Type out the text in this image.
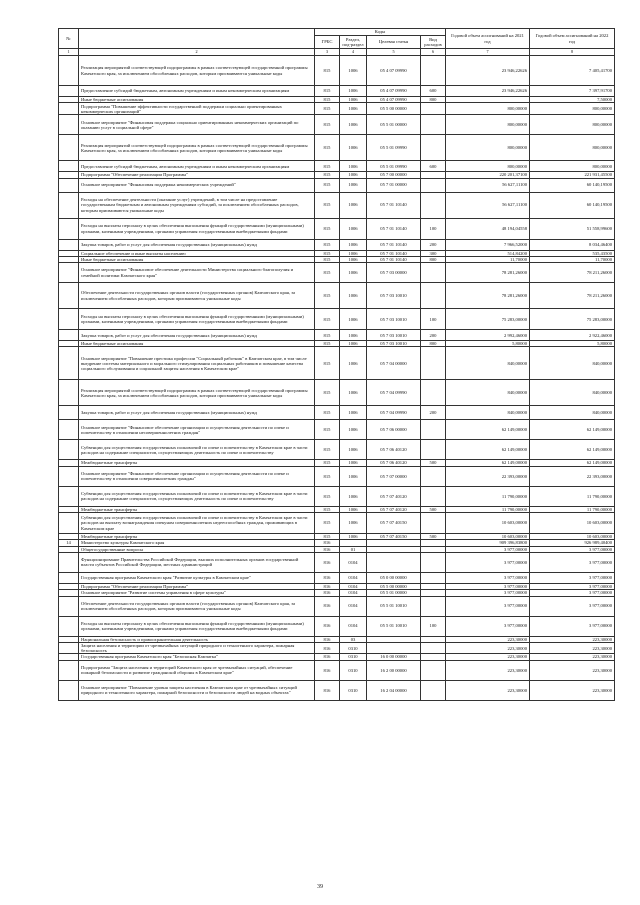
№		Коды				Годовой объем ассигнований на 2021 год	Годовой объем ассигнований на 2022 год
		ГРБС	Раздел, под-раздел	Целевая статья	Вид расходов		
1	2	3	4	5	6	7	8
	Реализация мероприятий соответствующей подпрограммы в рамках соответствующей государственной программы Камчатского края, за исключением обособленных расходов, которым присваиваются уникальные коды	815	1006	05 4 07 09990		23 946,22626	7 405,41700
	Предоставление субсидий бюджетным, автономным учреждениям и иным некоммерческим организациям	815	1006	05 4 07 09990	600	23 946,22626	7 397,91700
	Иные бюджетные ассигнования	815	1006	05 4 07 09990	800		7,50000
	Подпрограмма "Повышение эффективности государственной поддержки социально ориентированных некоммерческих организаций"	815	1006	05 5 00 00000		800,00000	800,00000
	Основное мероприятие "Финансовая поддержка социально ориентированных некоммерческих организаций по оказанию услуг в социальной сфере"	815	1006	05 5 01 00000		800,00000	800,00000
	Реализация мероприятий соответствующей подпрограммы в рамках соответствующей государственной программы Камчатского края, за исключением обособленных расходов, которым присваиваются уникальные коды	815	1006	05 5 01 09990		800,00000	800,00000
	Предоставление субсидий бюджетным, автономным учреждениям и иным некоммерческим организациям	815	1006	05 5 01 09990	600	800,00000	800,00000
	Подпрограмма "Обеспечение реализации Программы"	815	1006	05 7 00 00000		220 201,37100	221 931,45500
	Основное мероприятие "Финансовая поддержка некоммерческих учреждений"	815	1006	05 7 01 00000		56 627,11100	60 140,19500
	Расходы на обеспечение деятельности (оказание услуг) учреждений, в том числе на предоставление государственным бюджетным и автономным учреждениям субсидий, за исключением обособленных расходов, которым присваиваются уникальные коды	815	1006	05 7 01 10140		56 627,11100	60 140,19500
	Расходы на выплаты персоналу в целях обеспечения выполнения функций государственными (муниципальными) органами, казенными учреждениями, органами управления государственными внебюджетными фондами	815	1006	05 7 01 10140	100	48 194,04558	51 558,99600
	Закупка товаров, работ и услуг для обеспечения государственных (муниципальных) нужд	815	1006	05 7 01 10140	200	7 966,52000	8 034,46400
	Социальное обеспечение и иные выплаты населению	815	1006	05 7 01 10140	300	514,84200	535,43500
	Иные бюджетные ассигнования	815	1006	05 7 01 10140	800	11,70000	11,70000
	Основное мероприятие "Финансовое обеспечение деятельности Министерства социального благополучия и семейной политики Камчатского края"	815	1006	05 7 03 00000		78 281,26000	78 211,26000
	Обеспечение деятельности государственных органов власти (государственных органов) Камчатского края, за исключением обособленных расходов, которым присваиваются уникальные коды	815	1006	05 7 03 10010		78 281,26000	78 211,26000
	Расходы на выплаты персоналу в целях обеспечения выполнения функций государственными (муниципальными) органами, казенными учреждениями, органами управления государственными внебюджетными фондами	815	1006	05 7 03 10010	100	75 283,00000	75 283,00000
	Закупка товаров, работ и услуг для обеспечения государственных (муниципальных) нужд	815	1006	05 7 03 10010	200	2 992,46000	2 922,46000
	Иные бюджетные ассигнования	815	1006	05 7 03 10010	800	5,80000	5,80000
	Основное мероприятие "Повышение престижа профессии "Социальный работник" в Камчатском крае, в том числе внедрение системы материального и морального стимулирования социальных работников и повышение качества социального обслуживания и социальной защиты населения в Камчатском крае"	815	1006	05 7 04 00000		840,00000	840,00000
	Реализация мероприятий соответствующей подпрограммы в рамках соответствующей государственной программы Камчатского края, за исключением обособленных расходов, которым присваиваются уникальные коды	815	1006	05 7 04 09990		840,00000	840,00000
	Закупка товаров, работ и услуг для обеспечения государственных (муниципальных) нужд	815	1006	05 7 04 09990	200	840,00000	840,00000
	Основное мероприятие "Финансовое обеспечение организации и осуществления деятельности по опеке и попечительству в отношении несовершеннолетних граждан"	815	1006	05 7 06 00000		62 149,00000	62 149,00000
	Субвенции для осуществления государственных полномочий по опеке и попечительству в Камчатском крае в части расходов на содержание специалистов, осуществляющих деятельность по опеке и попечительству	815	1006	05 7 06 40120		62 149,00000	62 149,00000
	Межбюджетные трансферты	815	1006	05 7 06 40120	500	62 149,00000	62 149,00000
	Основное мероприятие "Финансовое обеспечение организации и осуществления деятельности по опеке и попечительству в отношении совершеннолетних граждан"	815	1006	05 7 07 00000		22 393,00000	22 393,00000
	Субвенции для осуществления государственных полномочий по опеке и попечительству в Камчатском крае в части расходов на содержание специалистов, осуществляющих деятельность по опеке и попечительству	815	1006	05 7 07 40120		11 790,00000	11 790,00000
	Межбюджетные трансферты	815	1006	05 7 07 40120	500	11 790,00000	11 790,00000
	Субвенции для осуществления государственных полномочий по опеке и попечительству в Камчатском крае в части расходов на выплату вознаграждения опекунам совершеннолетних недееспособных граждан, проживающих в Камчатском крае	815	1006	05 7 07 40150		10 603,00000	10 603,00000
	Межбюджетные трансферты	815	1006	05 7 07 40150	500	10 603,00000	10 603,00000
14	Министерство культуры Камчатского края	816				909 396,83800	926 989,40400
	Общегосударственные вопросы	816	01			3 977,00000	3 977,00000
	Функционирование Правительства Российской Федерации, высших исполнительных органов государственной власти субъектов Российской Федерации, местных администраций	816	0104			3 977,00000	3 977,00000
	Государственная программа Камчатского края "Развитие культуры в Камчатском крае"	816	0104	05 0 00 00000		3 977,00000	3 977,00000
	Подпрограмма "Обеспечение реализации Программы"	816	0104	05 5 00 00000		3 977,00000	3 977,00000
	Основное мероприятие "Развитие системы управления в сфере культуры"	816	0104	05 5 01 00000		3 977,00000	3 977,00000
	Обеспечение деятельности государственных органов власти (государственных органов) Камчатского края, за исключением обособленных расходов, которым присваиваются уникальные коды	816	0104	05 5 01 10010		3 977,00000	3 977,00000
	Расходы на выплаты персоналу в целях обеспечения выполнения функций государственными (муниципальными) органами, казенными учреждениями, органами управления государственными внебюджетными фондами	816	0104	05 5 01 10010	100	3 977,00000	3 977,00000
	Национальная безопасность и правоохранительная деятельность	816	03			223,30000	223,30000
	Защита населения и территории от чрезвычайных ситуаций природного и техногенного характера, пожарная безопасность	816	0310			223,30000	223,30000
	Государственная программа Камчатского края "Безопасная Камчатка"	816	0310	16 0 00 00000		223,30000	223,30000
	Подпрограмма "Защита населения и территорий Камчатского края от чрезвычайных ситуаций, обеспечение пожарной безопасности и развитие гражданской обороны в Камчатском крае"	816	0310	16 2 00 00000		223,30000	223,30000
	Основное мероприятие "Повышение уровня защиты населения в Камчатском крае от чрезвычайных ситуаций природного и техногенного характера, пожарной безопасности и безопасности людей на водных объектах"	816	0310	16 2 04 00000		223,30000	223,30000
39
